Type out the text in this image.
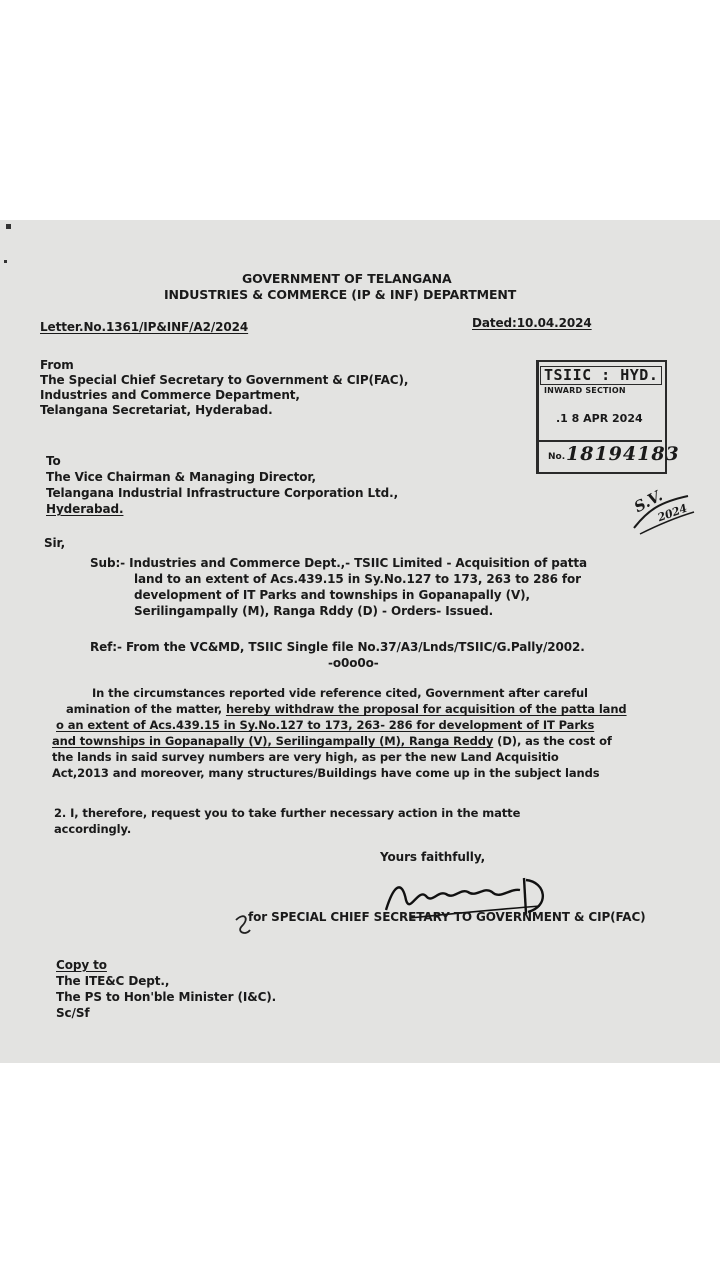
GOVERNMENT OF TELANGANA
INDUSTRIES & COMMERCE (IP & INF) DEPARTMENT
Letter.No.1361/IP&INF/A2/2024	Dated:10.04.2024
From
The Special Chief Secretary to Government & CIP(FAC),
Industries and Commerce Department,
Telangana Secretariat, Hyderabad.
TSIIC : HYD.
INWARD SECTION
.1 8 APR 2024
No. 18194183
To
The Vice Chairman & Managing Director,
Telangana Industrial Infrastructure Corporation Ltd.,
Hyderabad.	S.V.
2024
Sir,
Sub:- Industries and Commerce Dept.,- TSIIC Limited - Acquisition of patta
land to an extent of Acs.439.15 in Sy.No.127 to 173, 263 to 286 for
development of IT Parks and townships in Gopanapally (V),
Serilingampally (M), Ranga Rddy (D) - Orders- Issued.
Ref:- From the VC&MD, TSIIC Single file No.37/A3/Lnds/TSIIC/G.Pally/2002.
-o0o0o-
In the circumstances reported vide reference cited, Government after careful
amination of the matter, hereby withdraw the proposal for acquisition of the patta land
o an extent of Acs.439.15 in Sy.No.127 to 173, 263- 286 for development of IT Parks
and townships in Gopanapally (V), Serilingampally (M), Ranga Reddy (D), as the cost of
the lands in said survey numbers are very high, as per the new Land Acquisitio
Act,2013 and moreover, many structures/Buildings have come up in the subject lands
2. I, therefore, request you to take further necessary action in the matte
accordingly.
Yours faithfully,
for SPECIAL CHIEF SECRETARY TO GOVERNMENT & CIP(FAC)
Copy to
The ITE&C Dept.,
The PS to Hon'ble Minister (I&C).
Sc/Sf
